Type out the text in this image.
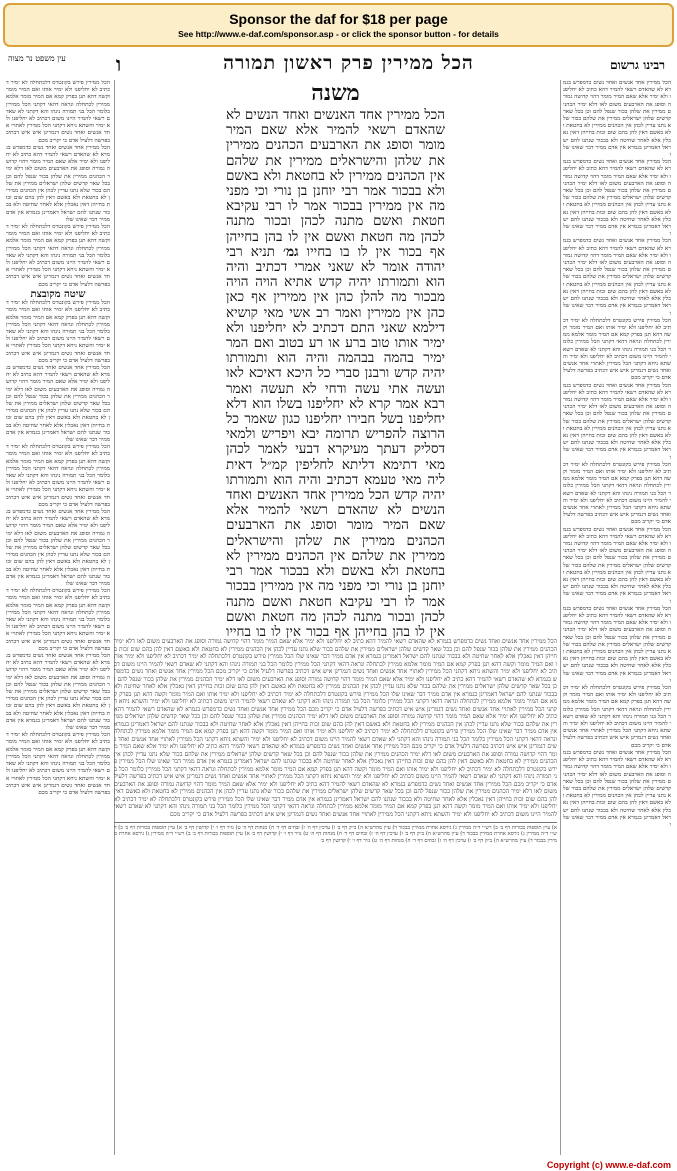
Sponsor the daf for $18 per page
See http://www.e-daf.com/sponsor.asp - or click the sponsor button - for details
רבינו גרשום
הכל ממירין פרק ראשון תמורה
ו
עין משפט נר מצוה
הכל ממירין אחד אנשים ואחד נשים כדמפרש בגמרא לא שהאדם רשאי להמיר דהא כתיב לא יחליפנו ולא ימיר אלא שאם המיר מומר דהוי קדושה גמורה וסופג את הארבעים משום לאו דלא ימיר הכהנים ממירין את שלהן בכור שנפל להם וכן בכל שאר קדשים שלהן ישראלים ממירין את שלהם בכור שלא נתנו עדיין לכהן אין הכהנים ממירין לא בחטאת ולא באשם דאין להן בהם שום זכות בחייהן דאין נאכלין אלא לאחר שחיטה ולא בבכור שנתנו להם ישראל דאמרינן בגמרא אין אדם ממיר דבר שאינו שלו
הכל ממירין אחד אנשים ואחד נשים כדמפרש בגמרא לא שהאדם רשאי להמיר דהא כתיב לא יחליפנו ולא ימיר אלא שאם המיר מומר דהוי קדושה גמורה וסופג את הארבעים משום לאו דלא ימיר הכהנים ממירין את שלהן בכור שנפל להם וכן בכל שאר קדשים שלהן ישראלים ממירין את שלהם בכור שלא נתנו עדיין לכהן אין הכהנים ממירין לא בחטאת ולא באשם דאין להן בהם שום זכות בחייהן דאין נאכלין אלא לאחר שחיטה ולא בבכור שנתנו להם ישראל דאמרינן בגמרא אין אדם ממיר דבר שאינו שלו
הכל ממירין אחד אנשים ואחד נשים כדמפרש בגמרא לא שהאדם רשאי להמיר דהא כתיב לא יחליפנו ולא ימיר אלא שאם המיר מומר דהוי קדושה גמורה וסופג את הארבעים משום לאו דלא ימיר הכהנים ממירין את שלהן בכור שנפל להם וכן בכל שאר קדשים שלהן ישראלים ממירין את שלהם בכור שלא נתנו עדיין לכהן אין הכהנים ממירין לא בחטאת ולא באשם דאין להן בהם שום זכות בחייהן דאין נאכלין אלא לאחר שחיטה ולא בבכור שנתנו להם ישראל דאמרינן בגמרא אין אדם ממיר דבר שאינו שלו
הכל ממירין פירש בקונטרס דלכתחלה לא ימיר דכתיב לא יחליפנו ולא ימיר אותו ואם המיר מומר וקשה דהא תנן בפרק קמא אם המיר מומר אלמא ממירין לכתחלה ונראה דהאי דקתני הכל ממירין כלומר הכל בני תמורה נינהו והא דקתני לא שאדם רשאי להמיר היינו משום דכתיב לא יחליפנו ולא ימיר והשתא ניחא דקתני הכל ממירין לאתויי אחד אנשים ואחד נשים דגמרינן איש איש דכתיב בפרשה דלעיל אדם כי יקריב מכם
הכל ממירין אחד אנשים ואחד נשים כדמפרש בגמרא לא שהאדם רשאי להמיר דהא כתיב לא יחליפנו ולא ימיר אלא שאם המיר מומר דהוי קדושה גמורה וסופג את הארבעים משום לאו דלא ימיר הכהנים ממירין את שלהן בכור שנפל להם וכן בכל שאר קדשים שלהן ישראלים ממירין את שלהם בכור שלא נתנו עדיין לכהן אין הכהנים ממירין לא בחטאת ולא באשם דאין להן בהם שום זכות בחייהן דאין נאכלין אלא לאחר שחיטה ולא בבכור שנתנו להם ישראל דאמרינן בגמרא אין אדם ממיר דבר שאינו שלו
הכל ממירין פירש בקונטרס דלכתחלה לא ימיר דכתיב לא יחליפנו ולא ימיר אותו ואם המיר מומר וקשה דהא תנן בפרק קמא אם המיר מומר אלמא ממירין לכתחלה ונראה דהאי דקתני הכל ממירין כלומר הכל בני תמורה נינהו והא דקתני לא שאדם רשאי להמיר היינו משום דכתיב לא יחליפנו ולא ימיר והשתא ניחא דקתני הכל ממירין לאתויי אחד אנשים ואחד נשים דגמרינן איש איש דכתיב בפרשה דלעיל אדם כי יקריב מכם
הכל ממירין אחד אנשים ואחד נשים כדמפרש בגמרא לא שהאדם רשאי להמיר דהא כתיב לא יחליפנו ולא ימיר אלא שאם המיר מומר דהוי קדושה גמורה וסופג את הארבעים משום לאו דלא ימיר הכהנים ממירין את שלהן בכור שנפל להם וכן בכל שאר קדשים שלהן ישראלים ממירין את שלהם בכור שלא נתנו עדיין לכהן אין הכהנים ממירין לא בחטאת ולא באשם דאין להן בהם שום זכות בחייהן דאין נאכלין אלא לאחר שחיטה ולא בבכור שנתנו להם ישראל דאמרינן בגמרא אין אדם ממיר דבר שאינו שלו
הכל ממירין אחד אנשים ואחד נשים כדמפרש בגמרא לא שהאדם רשאי להמיר דהא כתיב לא יחליפנו ולא ימיר אלא שאם המיר מומר דהוי קדושה גמורה וסופג את הארבעים משום לאו דלא ימיר הכהנים ממירין את שלהן בכור שנפל להם וכן בכל שאר קדשים שלהן ישראלים ממירין את שלהם בכור שלא נתנו עדיין לכהן אין הכהנים ממירין לא בחטאת ולא באשם דאין להן בהם שום זכות בחייהן דאין נאכלין אלא לאחר שחיטה ולא בבכור שנתנו להם ישראל דאמרינן בגמרא אין אדם ממיר דבר שאינו שלו
הכל ממירין פירש בקונטרס דלכתחלה לא ימיר דכתיב לא יחליפנו ולא ימיר אותו ואם המיר מומר וקשה דהא תנן בפרק קמא אם המיר מומר אלמא ממירין לכתחלה ונראה דהאי דקתני הכל ממירין כלומר הכל בני תמורה נינהו והא דקתני לא שאדם רשאי להמיר היינו משום דכתיב לא יחליפנו ולא ימיר והשתא ניחא דקתני הכל ממירין לאתויי אחד אנשים ואחד נשים דגמרינן איש איש דכתיב בפרשה דלעיל אדם כי יקריב מכם
הכל ממירין אחד אנשים ואחד נשים כדמפרש בגמרא לא שהאדם רשאי להמיר דהא כתיב לא יחליפנו ולא ימיר אלא שאם המיר מומר דהוי קדושה גמורה וסופג את הארבעים משום לאו דלא ימיר הכהנים ממירין את שלהן בכור שנפל להם וכן בכל שאר קדשים שלהן ישראלים ממירין את שלהם בכור שלא נתנו עדיין לכהן אין הכהנים ממירין לא בחטאת ולא באשם דאין להן בהם שום זכות בחייהן דאין נאכלין אלא לאחר שחיטה ולא בבכור שנתנו להם ישראל דאמרינן בגמרא אין אדם ממיר דבר שאינו שלו
משנה
הכל ממירין אחד האנשים ואחד הנשים לא שהאדם רשאי להמיר אלא שאם המיר מומר וסופג את הארבעים הכהנים ממירין את שלהן והישראלים ממירין את שלהם אין הכהנים ממירין לא בחטאת ולא באשם ולא בבכור אמר רבי יוחנן בן נורי וכי מפני מה אין ממירין בבכור אמר לו רבי עקיבא חטאת ואשם מתנה לכהן ובכור מתנה לכהן מה חטאת ואשם אין לו בהן בחייהן אף בכור אין לו בו בחייו גמ׳ תניא רבי יהודה אומר לא שאני אמרי דכתיב והיה הוא ותמורתו יהיה קדש אתיא הויה הויה מבכור מה להלן כהן אין ממירין אף כאן כהן אין ממירין ואמר רב אשי מאי קושיא דילמא שאני התם דכתיב לא יחליפנו ולא ימיר אותו טוב ברע או רע בטוב ואם המר ימיר בהמה בבהמה והיה הוא ותמורתו יהיה קדש ורבנן סברי כל היכא דאיכא לאו ועשה אתי עשה ודחי לא תעשה ואמר רבא אמר קרא לא יחליפנו בשלו הוא דלא יחליפנו בשל חבירו יחליפנו כגון שאמר כל הרוצה להפריש תרומה יבא ויפריש ולמאי דסליק דעתך מעיקרא דבעי לאמר לכהן מאי דתימא דליתא לחליפין קמ״ל דאית ליה מאי טעמא דכתיב והיה הוא ותמורתו יהיה קדש הכל ממירין אחד האנשים ואחד הנשים לא שהאדם רשאי להמיר אלא שאם המיר מומר וסופג את הארבעים הכהנים ממירין את שלהן והישראלים ממירין את שלהם אין הכהנים ממירין לא בחטאת ולא באשם ולא בבכור אמר רבי יוחנן בן נורי וכי מפני מה אין ממירין בבכור אמר לו רבי עקיבא חטאת ואשם מתנה לכהן ובכור מתנה לכהן מה חטאת ואשם אין לו בהן בחייהן אף בכור אין לו בו בחייו
הכל ממירין אחד אנשים ואחד נשים כדמפרש בגמרא לא שהאדם רשאי להמיר דהא כתיב לא יחליפנו ולא ימיר אלא שאם המיר מומר דהוי קדושה גמורה וסופג את הארבעים משום לאו דלא ימיר הכהנים ממירין את שלהן בכור שנפל להם וכן בכל שאר קדשים שלהן ישראלים ממירין את שלהם בכור שלא נתנו עדיין לכהן אין הכהנים ממירין לא בחטאת ולא באשם דאין להן בהם שום זכות בחייהן דאין נאכלין אלא לאחר שחיטה ולא בבכור שנתנו להם ישראל דאמרינן בגמרא אין אדם ממיר דבר שאינו שלו הכל ממירין פירש בקונטרס דלכתחלה לא ימיר דכתיב לא יחליפנו ולא ימיר אותו ואם המיר מומר וקשה דהא תנן בפרק קמא אם המיר מומר אלמא ממירין לכתחלה ונראה דהאי דקתני הכל ממירין כלומר הכל בני תמורה נינהו והא דקתני לא שאדם רשאי להמיר היינו משום דכתיב לא יחליפנו ולא ימיר והשתא ניחא דקתני הכל ממירין לאתויי אחד אנשים ואחד נשים דגמרינן איש איש דכתיב בפרשה דלעיל אדם כי יקריב מכם הכל ממירין אחד אנשים ואחד נשים כדמפרש בגמרא לא שהאדם רשאי להמיר דהא כתיב לא יחליפנו ולא ימיר אלא שאם המיר מומר דהוי קדושה גמורה וסופג את הארבעים משום לאו דלא ימיר הכהנים ממירין את שלהן בכור שנפל להם וכן בכל שאר קדשים שלהן ישראלים ממירין את שלהם בכור שלא נתנו עדיין לכהן אין הכהנים ממירין לא בחטאת ולא באשם דאין להן בהם שום זכות בחייהן דאין נאכלין אלא לאחר שחיטה ולא בבכור שנתנו להם ישראל דאמרינן בגמרא אין אדם ממיר דבר שאינו שלו הכל ממירין פירש בקונטרס דלכתחלה לא ימיר דכתיב לא יחליפנו ולא ימיר אותו ואם המיר מומר וקשה דהא תנן בפרק קמא אם המיר מומר אלמא ממירין לכתחלה ונראה דהאי דקתני הכל ממירין כלומר הכל בני תמורה נינהו והא דקתני לא שאדם רשאי להמיר היינו משום דכתיב לא יחליפנו ולא ימיר והשתא ניחא דקתני הכל ממירין לאתויי אחד אנשים ואחד נשים דגמרינן איש איש דכתיב בפרשה דלעיל אדם כי יקריב מכם הכל ממירין אחד אנשים ואחד נשים כדמפרש בגמרא לא שהאדם רשאי להמיר דהא כתיב לא יחליפנו ולא ימיר אלא שאם המיר מומר דהוי קדושה גמורה וסופג את הארבעים משום לאו דלא ימיר הכהנים ממירין את שלהן בכור שנפל להם וכן בכל שאר קדשים שלהן ישראלים ממירין את שלהם בכור שלא נתנו עדיין לכהן אין הכהנים ממירין לא בחטאת ולא באשם דאין להן בהם שום זכות בחייהן דאין נאכלין אלא לאחר שחיטה ולא בבכור שנתנו להם ישראל דאמרינן בגמרא אין אדם ממיר דבר שאינו שלו הכל ממירין פירש בקונטרס דלכתחלה לא ימיר דכתיב לא יחליפנו ולא ימיר אותו ואם המיר מומר וקשה דהא תנן בפרק קמא אם המיר מומר אלמא ממירין לכתחלה ונראה דהאי דקתני הכל ממירין כלומר הכל בני תמורה נינהו והא דקתני לא שאדם רשאי להמיר היינו משום דכתיב לא יחליפנו ולא ימיר והשתא ניחא דקתני הכל ממירין לאתויי אחד אנשים ואחד נשים דגמרינן איש איש דכתיב בפרשה דלעיל אדם כי יקריב מכם הכל ממירין אחד אנשים ואחד נשים כדמפרש בגמרא לא שהאדם רשאי להמיר דהא כתיב לא יחליפנו ולא ימיר אלא שאם המיר מומר דהוי קדושה גמורה וסופג את הארבעים משום לאו דלא ימיר הכהנים ממירין את שלהן בכור שנפל להם וכן בכל שאר קדשים שלהן ישראלים ממירין את שלהם בכור שלא נתנו עדיין לכהן אין הכהנים ממירין לא בחטאת ולא באשם דאין להן בהם שום זכות בחייהן דאין נאכלין אלא לאחר שחיטה ולא בבכור שנתנו להם ישראל דאמרינן בגמרא אין אדם ממיר דבר שאינו שלו הכל ממירין פירש בקונטרס דלכתחלה לא ימיר דכתיב לא יחליפנו ולא ימיר אותו ואם המיר מומר וקשה דהא תנן בפרק קמא אם המיר מומר אלמא ממירין לכתחלה ונראה דהאי דקתני הכל ממירין כלומר הכל בני תמורה נינהו והא דקתני לא שאדם רשאי להמיר היינו משום דכתיב לא יחליפנו ולא ימיר והשתא ניחא דקתני הכל ממירין לאתויי אחד אנשים ואחד נשים דגמרינן איש איש דכתיב בפרשה דלעיל אדם כי יקריב מכם הכל ממירין אחד אנשים ואחד נשים כדמפרש בגמרא לא שהאדם רשאי להמיר דהא כתיב לא יחליפנו ולא ימיר אלא שאם המיר מומר דהוי קדושה גמורה וסופג את הארבעים משום לאו דלא ימיר הכהנים ממירין את שלהן בכור שנפל להם וכן בכל שאר קדשים שלהן ישראלים ממירין את שלהם בכור שלא נתנו עדיין לכהן אין הכהנים ממירין לא בחטאת ולא באשם דאין להן בהם שום זכות בחייהן דאין נאכלין אלא לאחר שחיטה ולא בבכור שנתנו להם ישראל דאמרינן בגמרא אין אדם ממיר דבר שאינו שלו הכל ממירין פירש בקונטרס דלכתחלה לא ימיר דכתיב לא יחליפנו ולא ימיר אותו ואם המיר מומר וקשה דהא תנן בפרק קמא אם המיר מומר אלמא ממירין לכתחלה ונראה דהאי דקתני הכל ממירין כלומר הכל בני תמורה נינהו והא דקתני לא שאדם רשאי להמיר היינו משום דכתיב לא יחליפנו ולא ימיר והשתא ניחא דקתני הכל ממירין לאתויי אחד אנשים ואחד נשים דגמרינן איש איש דכתיב בפרשה דלעיל אדם כי יקריב מכם
א) עיין תוספות בכורות דף ב׳ ב) רש״י ד״ה ממירין ג) גירסא אחרת ממירין בבכור ד) עיין מהרש״א ה) ב״ק דף ב׳ ו) ערכין דף ה׳ ז) זבחים דף ד׳ ח) מנחות דף ה׳ ט) נזיר דף ו׳ י) קדושין דף ב׳ א) עיין תוספות בכורות דף ב׳ ב) רש״י ד״ה ממירין ג) גירסא אחרת ממירין בבכור ד) עיין מהרש״א ה) ב״ק דף ב׳ ו) ערכין דף ה׳ ז) זבחים דף ד׳ ח) מנחות דף ה׳ ט) נזיר דף ו׳ י) קדושין דף ב׳ א) עיין תוספות בכורות דף ב׳ ב) רש״י ד״ה ממירין ג) גירסא אחרת ממירין בבכור ד) עיין מהרש״א ה) ב״ק דף ב׳ ו) ערכין דף ה׳ ז) זבחים דף ד׳ ח) מנחות דף ה׳ ט) נזיר דף ו׳ י) קדושין דף ב׳
הכל ממירין פירש בקונטרס דלכתחלה לא ימיר דכתיב לא יחליפנו ולא ימיר אותו ואם המיר מומר וקשה דהא תנן בפרק קמא אם המיר מומר אלמא ממירין לכתחלה ונראה דהאי דקתני הכל ממירין כלומר הכל בני תמורה נינהו והא דקתני לא שאדם רשאי להמיר היינו משום דכתיב לא יחליפנו ולא ימיר והשתא ניחא דקתני הכל ממירין לאתויי אחד אנשים ואחד נשים דגמרינן איש איש דכתיב בפרשה דלעיל אדם כי יקריב מכם
הכל ממירין אחד אנשים ואחד נשים כדמפרש בגמרא לא שהאדם רשאי להמיר דהא כתיב לא יחליפנו ולא ימיר אלא שאם המיר מומר דהוי קדושה גמורה וסופג את הארבעים משום לאו דלא ימיר הכהנים ממירין את שלהן בכור שנפל להם וכן בכל שאר קדשים שלהן ישראלים ממירין את שלהם בכור שלא נתנו עדיין לכהן אין הכהנים ממירין לא בחטאת ולא באשם דאין להן בהם שום זכות בחייהן דאין נאכלין אלא לאחר שחיטה ולא בבכור שנתנו להם ישראל דאמרינן בגמרא אין אדם ממיר דבר שאינו שלו
הכל ממירין פירש בקונטרס דלכתחלה לא ימיר דכתיב לא יחליפנו ולא ימיר אותו ואם המיר מומר וקשה דהא תנן בפרק קמא אם המיר מומר אלמא ממירין לכתחלה ונראה דהאי דקתני הכל ממירין כלומר הכל בני תמורה נינהו והא דקתני לא שאדם רשאי להמיר היינו משום דכתיב לא יחליפנו ולא ימיר והשתא ניחא דקתני הכל ממירין לאתויי אחד אנשים ואחד נשים דגמרינן איש איש דכתיב בפרשה דלעיל אדם כי יקריב מכם
שיטה מקובצת
הכל ממירין פירש בקונטרס דלכתחלה לא ימיר דכתיב לא יחליפנו ולא ימיר אותו ואם המיר מומר וקשה דהא תנן בפרק קמא אם המיר מומר אלמא ממירין לכתחלה ונראה דהאי דקתני הכל ממירין כלומר הכל בני תמורה נינהו והא דקתני לא שאדם רשאי להמיר היינו משום דכתיב לא יחליפנו ולא ימיר והשתא ניחא דקתני הכל ממירין לאתויי אחד אנשים ואחד נשים דגמרינן איש איש דכתיב בפרשה דלעיל אדם כי יקריב מכם
הכל ממירין אחד אנשים ואחד נשים כדמפרש בגמרא לא שהאדם רשאי להמיר דהא כתיב לא יחליפנו ולא ימיר אלא שאם המיר מומר דהוי קדושה גמורה וסופג את הארבעים משום לאו דלא ימיר הכהנים ממירין את שלהן בכור שנפל להם וכן בכל שאר קדשים שלהן ישראלים ממירין את שלהם בכור שלא נתנו עדיין לכהן אין הכהנים ממירין לא בחטאת ולא באשם דאין להן בהם שום זכות בחייהן דאין נאכלין אלא לאחר שחיטה ולא בבכור שנתנו להם ישראל דאמרינן בגמרא אין אדם ממיר דבר שאינו שלו
הכל ממירין פירש בקונטרס דלכתחלה לא ימיר דכתיב לא יחליפנו ולא ימיר אותו ואם המיר מומר וקשה דהא תנן בפרק קמא אם המיר מומר אלמא ממירין לכתחלה ונראה דהאי דקתני הכל ממירין כלומר הכל בני תמורה נינהו והא דקתני לא שאדם רשאי להמיר היינו משום דכתיב לא יחליפנו ולא ימיר והשתא ניחא דקתני הכל ממירין לאתויי אחד אנשים ואחד נשים דגמרינן איש איש דכתיב בפרשה דלעיל אדם כי יקריב מכם
הכל ממירין אחד אנשים ואחד נשים כדמפרש בגמרא לא שהאדם רשאי להמיר דהא כתיב לא יחליפנו ולא ימיר אלא שאם המיר מומר דהוי קדושה גמורה וסופג את הארבעים משום לאו דלא ימיר הכהנים ממירין את שלהן בכור שנפל להם וכן בכל שאר קדשים שלהן ישראלים ממירין את שלהם בכור שלא נתנו עדיין לכהן אין הכהנים ממירין לא בחטאת ולא באשם דאין להן בהם שום זכות בחייהן דאין נאכלין אלא לאחר שחיטה ולא בבכור שנתנו להם ישראל דאמרינן בגמרא אין אדם ממיר דבר שאינו שלו
הכל ממירין פירש בקונטרס דלכתחלה לא ימיר דכתיב לא יחליפנו ולא ימיר אותו ואם המיר מומר וקשה דהא תנן בפרק קמא אם המיר מומר אלמא ממירין לכתחלה ונראה דהאי דקתני הכל ממירין כלומר הכל בני תמורה נינהו והא דקתני לא שאדם רשאי להמיר היינו משום דכתיב לא יחליפנו ולא ימיר והשתא ניחא דקתני הכל ממירין לאתויי אחד אנשים ואחד נשים דגמרינן איש איש דכתיב בפרשה דלעיל אדם כי יקריב מכם
הכל ממירין אחד אנשים ואחד נשים כדמפרש בגמרא לא שהאדם רשאי להמיר דהא כתיב לא יחליפנו ולא ימיר אלא שאם המיר מומר דהוי קדושה גמורה וסופג את הארבעים משום לאו דלא ימיר הכהנים ממירין את שלהן בכור שנפל להם וכן בכל שאר קדשים שלהן ישראלים ממירין את שלהם בכור שלא נתנו עדיין לכהן אין הכהנים ממירין לא בחטאת ולא באשם דאין להן בהם שום זכות בחייהן דאין נאכלין אלא לאחר שחיטה ולא בבכור שנתנו להם ישראל דאמרינן בגמרא אין אדם ממיר דבר שאינו שלו
הכל ממירין פירש בקונטרס דלכתחלה לא ימיר דכתיב לא יחליפנו ולא ימיר אותו ואם המיר מומר וקשה דהא תנן בפרק קמא אם המיר מומר אלמא ממירין לכתחלה ונראה דהאי דקתני הכל ממירין כלומר הכל בני תמורה נינהו והא דקתני לא שאדם רשאי להמיר היינו משום דכתיב לא יחליפנו ולא ימיר והשתא ניחא דקתני הכל ממירין לאתויי אחד אנשים ואחד נשים דגמרינן איש איש דכתיב בפרשה דלעיל אדם כי יקריב מכם
Copyright (c) www.e-daf.com
